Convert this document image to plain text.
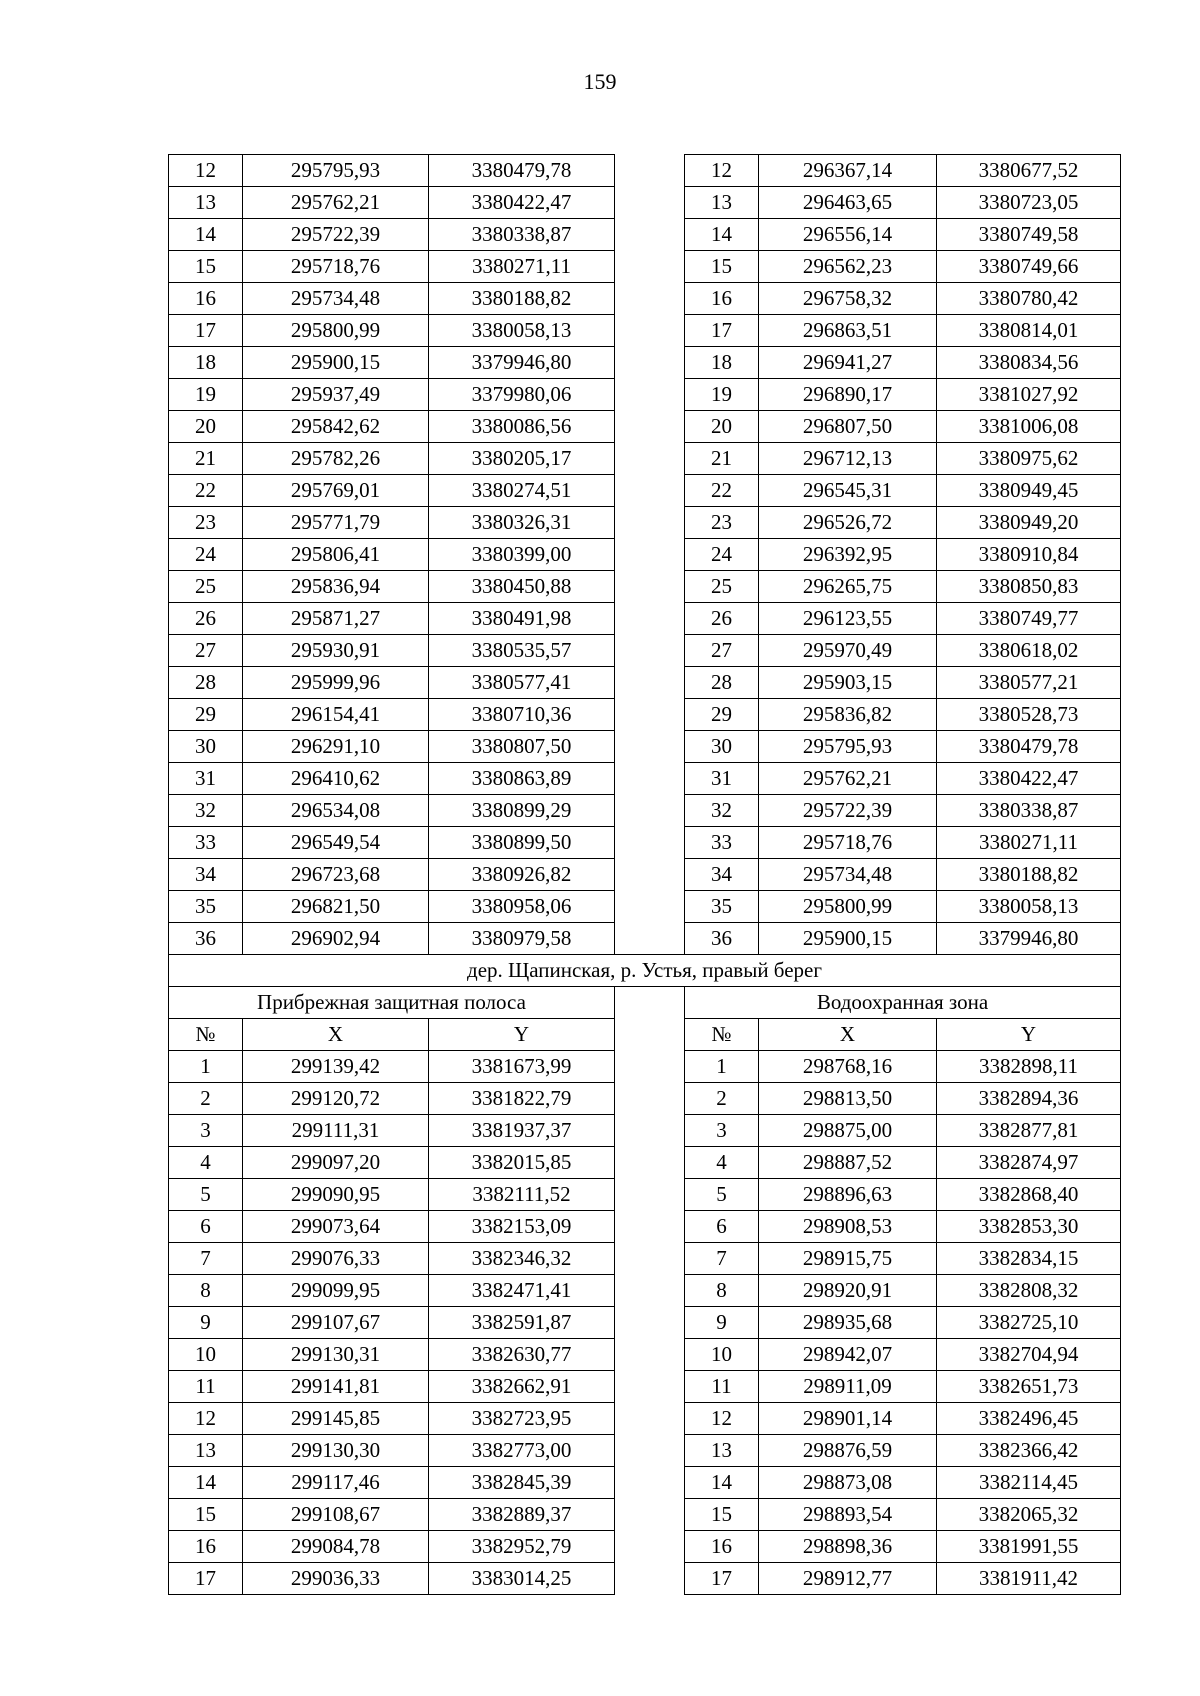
159
12	295795,93	3380479,78		12	296367,14	3380677,52
13	295762,21	3380422,47		13	296463,65	3380723,05
14	295722,39	3380338,87		14	296556,14	3380749,58
15	295718,76	3380271,11		15	296562,23	3380749,66
16	295734,48	3380188,82		16	296758,32	3380780,42
17	295800,99	3380058,13		17	296863,51	3380814,01
18	295900,15	3379946,80		18	296941,27	3380834,56
19	295937,49	3379980,06		19	296890,17	3381027,92
20	295842,62	3380086,56		20	296807,50	3381006,08
21	295782,26	3380205,17		21	296712,13	3380975,62
22	295769,01	3380274,51		22	296545,31	3380949,45
23	295771,79	3380326,31		23	296526,72	3380949,20
24	295806,41	3380399,00		24	296392,95	3380910,84
25	295836,94	3380450,88		25	296265,75	3380850,83
26	295871,27	3380491,98		26	296123,55	3380749,77
27	295930,91	3380535,57		27	295970,49	3380618,02
28	295999,96	3380577,41		28	295903,15	3380577,21
29	296154,41	3380710,36		29	295836,82	3380528,73
30	296291,10	3380807,50		30	295795,93	3380479,78
31	296410,62	3380863,89		31	295762,21	3380422,47
32	296534,08	3380899,29		32	295722,39	3380338,87
33	296549,54	3380899,50		33	295718,76	3380271,11
34	296723,68	3380926,82		34	295734,48	3380188,82
35	296821,50	3380958,06		35	295800,99	3380058,13
36	296902,94	3380979,58		36	295900,15	3379946,80
дер. Щапинская, р. Устья, правый берег						
Прибрежная защитная полоса				Водоохранная зона		
№	X	Y		№	X	Y
1	299139,42	3381673,99		1	298768,16	3382898,11
2	299120,72	3381822,79		2	298813,50	3382894,36
3	299111,31	3381937,37		3	298875,00	3382877,81
4	299097,20	3382015,85		4	298887,52	3382874,97
5	299090,95	3382111,52		5	298896,63	3382868,40
6	299073,64	3382153,09		6	298908,53	3382853,30
7	299076,33	3382346,32		7	298915,75	3382834,15
8	299099,95	3382471,41		8	298920,91	3382808,32
9	299107,67	3382591,87		9	298935,68	3382725,10
10	299130,31	3382630,77		10	298942,07	3382704,94
11	299141,81	3382662,91		11	298911,09	3382651,73
12	299145,85	3382723,95		12	298901,14	3382496,45
13	299130,30	3382773,00		13	298876,59	3382366,42
14	299117,46	3382845,39		14	298873,08	3382114,45
15	299108,67	3382889,37		15	298893,54	3382065,32
16	299084,78	3382952,79		16	298898,36	3381991,55
17	299036,33	3383014,25		17	298912,77	3381911,42
